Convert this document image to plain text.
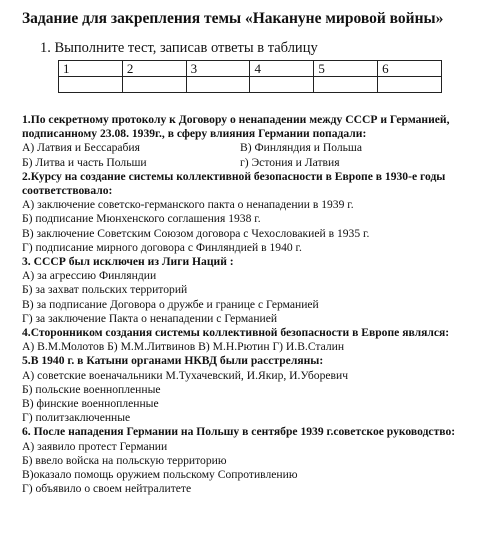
Задание для закрепления темы «Накануне мировой войны»
1. Выполните тест, записав ответы в таблицу
1	2	3	4	5	6

1.По секретному протоколу к Договору о ненападении между СССР и Германией,
подписанному 23.08. 1939г., в сферу влияния Германии попадали:
А) Латвия и Бессарабия	В) Финляндия и Польша
Б) Литва и часть Польши	г) Эстония и Латвия
2.Курсу на создание системы коллективной безопасности в Европе в 1930-е годы
соответствовало:
А) заключение советско-германского пакта о ненападении в 1939 г.
Б) подписание Мюнхенского соглашения 1938 г.
В) заключение Советским Союзом договора с Чехословакией в 1935 г.
Г) подписание мирного договора с Финляндией в 1940 г.
3. СССР был исключен из Лиги Наций :
А) за агрессию Финляндии
Б) за захват польских территорий
В) за подписание Договора о дружбе и границе с Германией
Г) за заключение Пакта о ненападении с Германией
4.Сторонником создания системы коллективной безопасности в Европе являлся:
А) В.М.Молотов Б) М.М.Литвинов В) М.Н.Рютин Г) И.В.Сталин
5.В 1940 г. в Катыни органами НКВД были расстреляны:
А) советские военачальники М.Тухачевский, И.Якир, И.Уборевич
Б) польские военнопленные
В) финские военнопленные
Г) политзаключенные
6. После нападения Германии на Польшу в сентябре 1939 г.советское руководство:
А) заявило протест Германии
Б) ввело войска на польскую территорию
В)оказало помощь оружием польскому Сопротивлению
Г) объявило о своем нейтралитете
